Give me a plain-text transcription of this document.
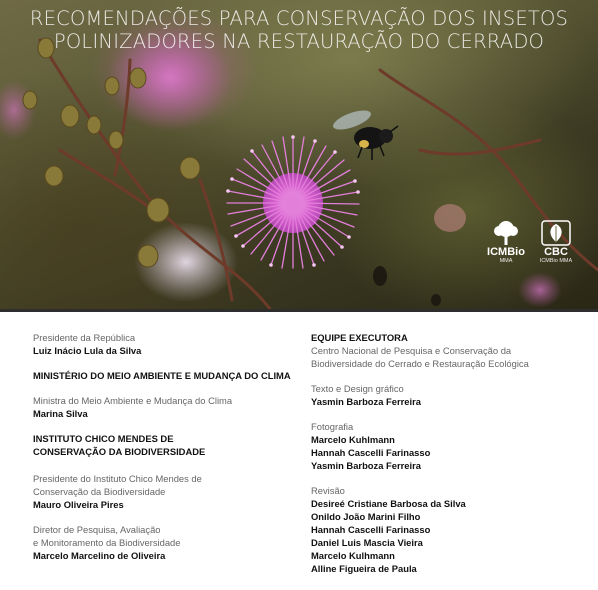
RECOMENDAÇÕES PARA CONSERVAÇÃO DOS INSETOS
POLINIZADORES NA RESTAURAÇÃO DO CERRADO
ICMBio
MMA
CBC
ICMBio MMA
Presidente da República
Luiz Inácio Lula da Silva
MINISTÉRIO DO MEIO AMBIENTE E MUDANÇA DO CLIMA
Ministra do Meio Ambiente e Mudança do Clima
Marina Silva
INSTITUTO CHICO MENDES DE
CONSERVAÇÃO DA BIODIVERSIDADE
Presidente do Instituto Chico Mendes de
Conservação da Biodiversidade
Mauro Oliveira Pires
Diretor de Pesquisa, Avaliação
e Monitoramento da Biodiversidade
Marcelo Marcelino de Oliveira
EQUIPE EXECUTORA
Centro Nacional de Pesquisa e Conservação da
Biodiversidade do Cerrado e Restauração Ecológica
Texto e Design gráfico
Yasmin Barboza Ferreira
Fotografia
Marcelo Kuhlmann
Hannah Cascelli Farinasso
Yasmin Barboza Ferreira
Revisão
Desireé Cristiane Barbosa da Silva
Onildo João Marini Filho
Hannah Cascelli Farinasso
Daniel Luis Mascia Vieira
Marcelo Kulhmann
Alline Figueira de Paula
